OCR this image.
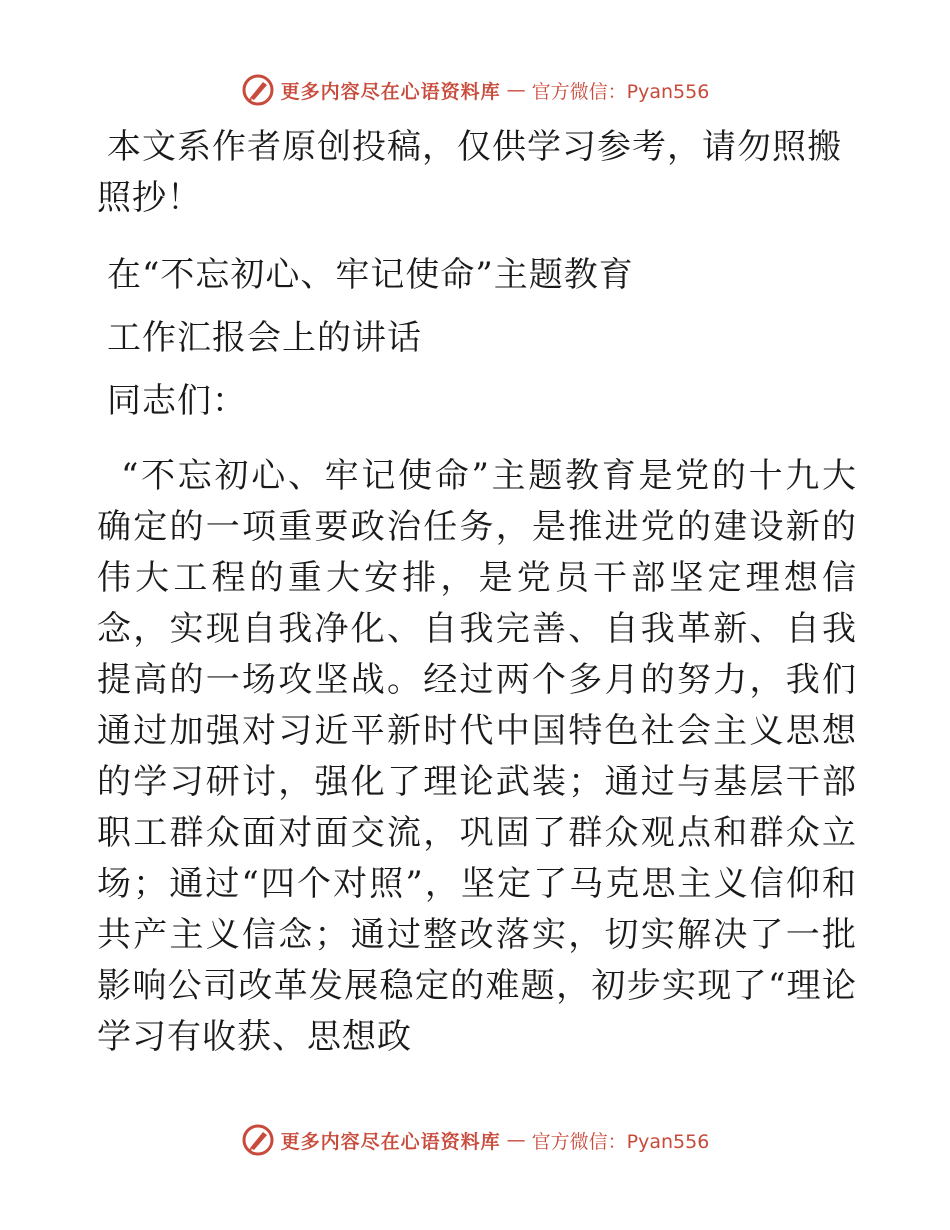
更多内容尽在心语资料库 — 官方微信：Pyan556

本文系作者原创投稿，仅供学习参考，请勿照搬照抄！

在“不忘初心、牢记使命”主题教育

工作汇报会上的讲话

同志们：

“不忘初心、牢记使命”主题教育是党的十九大确定的一项重要政治任务，是推进党的建设新的伟大工程的重大安排，是党员干部坚定理想信念，实现自我净化、自我完善、自我革新、自我提高的一场攻坚战。经过两个多月的努力，我们通过加强对习近平新时代中国特色社会主义思想的学习研讨，强化了理论武装；通过与基层干部职工群众面对面交流，巩固了群众观点和群众立场；通过“四个对照”，坚定了马克思主义信仰和共产主义信念；通过整改落实，切实解决了一批影响公司改革发展稳定的难题，初步实现了“理论学习有收获、思想政

更多内容尽在心语资料库 — 官方微信：Pyan556
